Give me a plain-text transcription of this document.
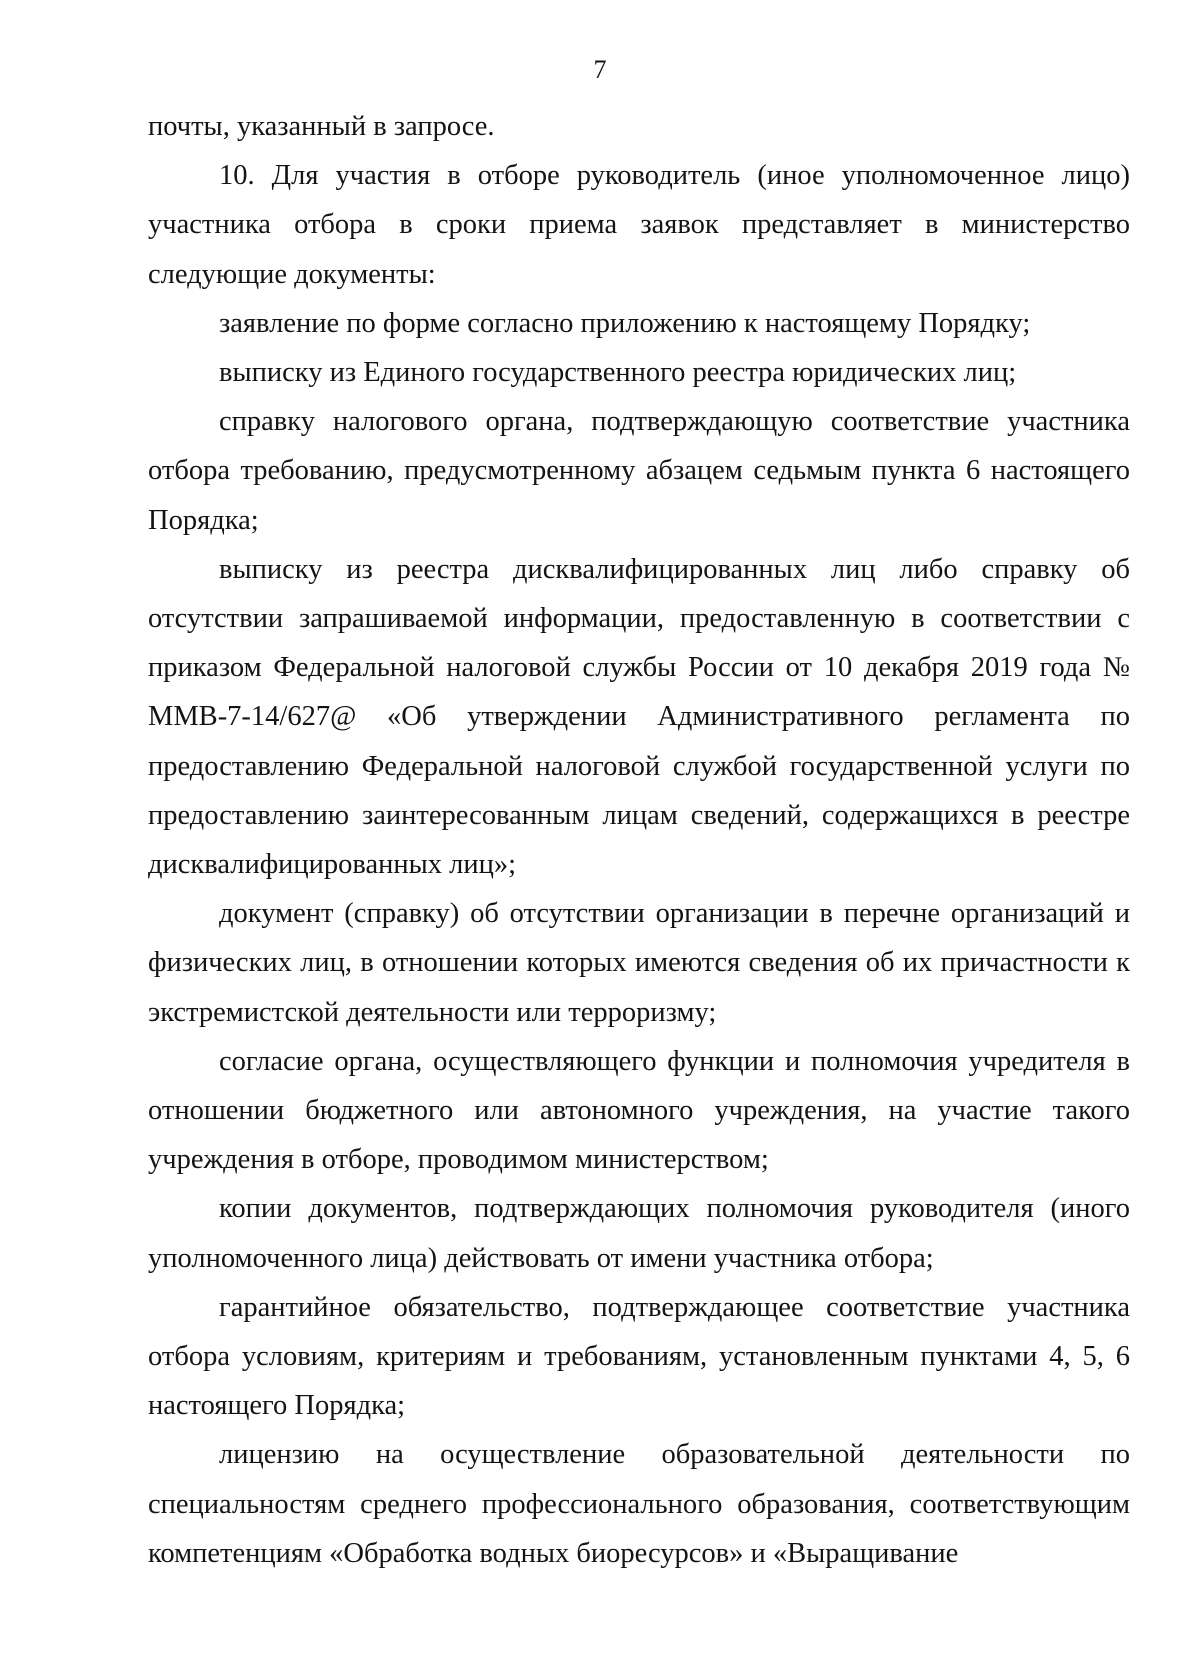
7

почты, указанный в запросе.

10. Для участия в отборе руководитель (иное уполномоченное лицо) участника отбора в сроки приема заявок представляет в министерство следующие документы:

заявление по форме согласно приложению к настоящему Порядку;

выписку из Единого государственного реестра юридических лиц;

справку налогового органа, подтверждающую соответствие участника отбора требованию, предусмотренному абзацем седьмым пункта 6 настоящего Порядка;

выписку из реестра дисквалифицированных лиц либо справку об отсутствии запрашиваемой информации, предоставленную в соответствии с приказом Федеральной налоговой службы России от 10 декабря 2019 года № ММВ-7-14/627@ «Об утверждении Административного регламента по предоставлению Федеральной налоговой службой государственной услуги по предоставлению заинтересованным лицам сведений, содержащихся в реестре дисквалифицированных лиц»;

документ (справку) об отсутствии организации в перечне организаций и физических лиц, в отношении которых имеются сведения об их причастности к экстремистской деятельности или терроризму;

согласие органа, осуществляющего функции и полномочия учредителя в отношении бюджетного или автономного учреждения, на участие такого учреждения в отборе, проводимом министерством;

копии документов, подтверждающих полномочия руководителя (иного уполномоченного лица) действовать от имени участника отбора;

гарантийное обязательство, подтверждающее соответствие участника отбора условиям, критериям и требованиям, установленным пунктами 4, 5, 6 настоящего Порядка;

лицензию на осуществление образовательной деятельности по специальностям среднего профессионального образования, соответствующим компетенциям «Обработка водных биоресурсов» и «Выращивание
